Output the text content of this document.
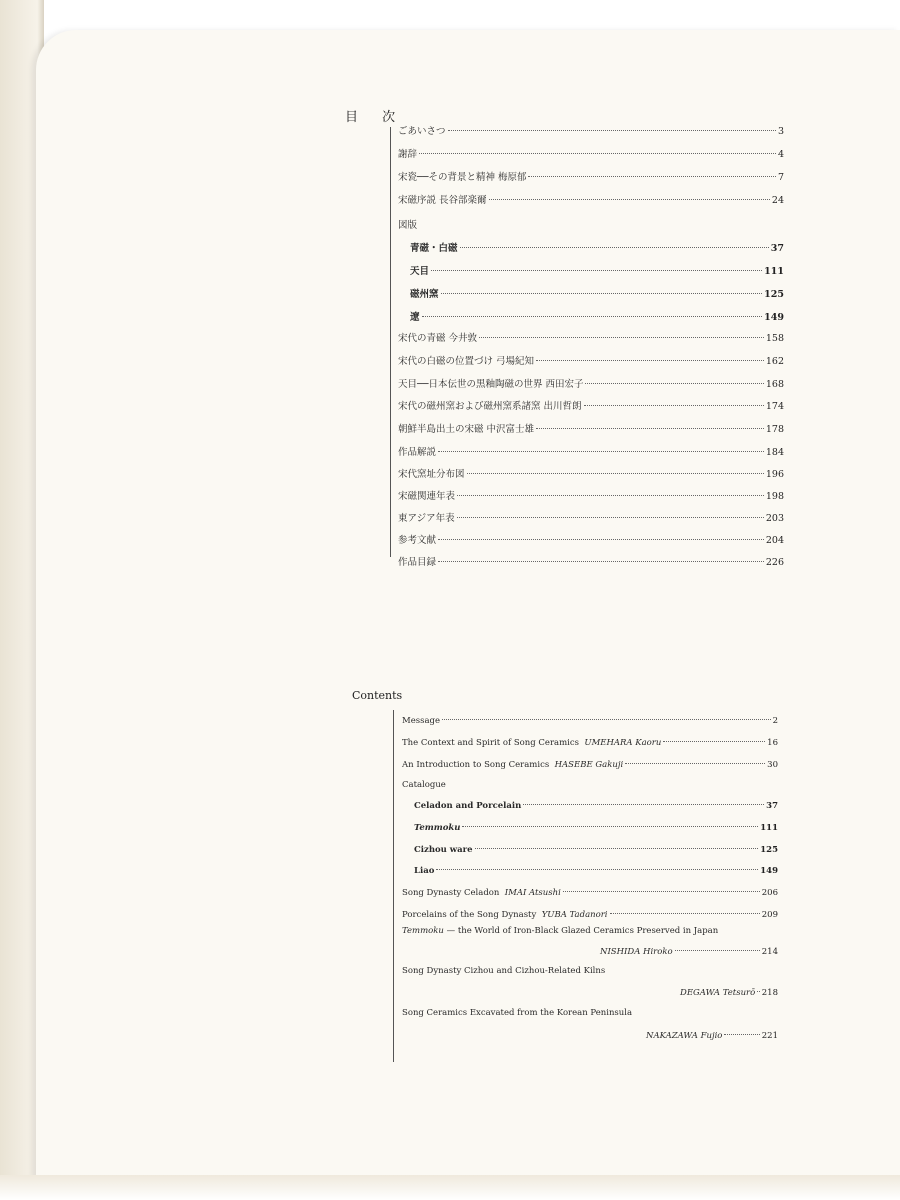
目 次
ごあいさつ	3
謝辞	4
宋瓷──その背景と精神 梅原郁	7
宋磁序説 長谷部楽爾	24
図版
青磁・白磁	37
天目	111
磁州窯	125
遼	149
宋代の青磁 今井敦	158
宋代の白磁の位置づけ 弓場紀知	162
天目──日本伝世の黒釉陶磁の世界 西田宏子	168
宋代の磁州窯および磁州窯系諸窯 出川哲朗	174
朝鮮半島出土の宋磁 中沢富士雄	178
作品解説	184
宋代窯址分布図	196
宋磁関連年表	198
東アジア年表	203
参考文献	204
作品目録	226
Contents
Message	2
The Context and Spirit of Song Ceramics
UMEHARA Kaoru	16
An Introduction to Song Ceramics
HASEBE Gakuji	30
Catalogue
Celadon and Porcelain	37
Temmoku	111
Cizhou ware	125
Liao	149
Song Dynasty Celadon
IMAI Atsushi	206
Porcelains of the Song Dynasty
YUBA Tadanori	209
Temmoku — the World of Iron-Black Glazed Ceramics Preserved in Japan
NISHIDA Hiroko	214
Song Dynasty Cizhou and Cizhou-Related Kilns
DEGAWA Tetsurō 218
Song Ceramics Excavated from the Korean Peninsula
NAKAZAWA Fujio	221
